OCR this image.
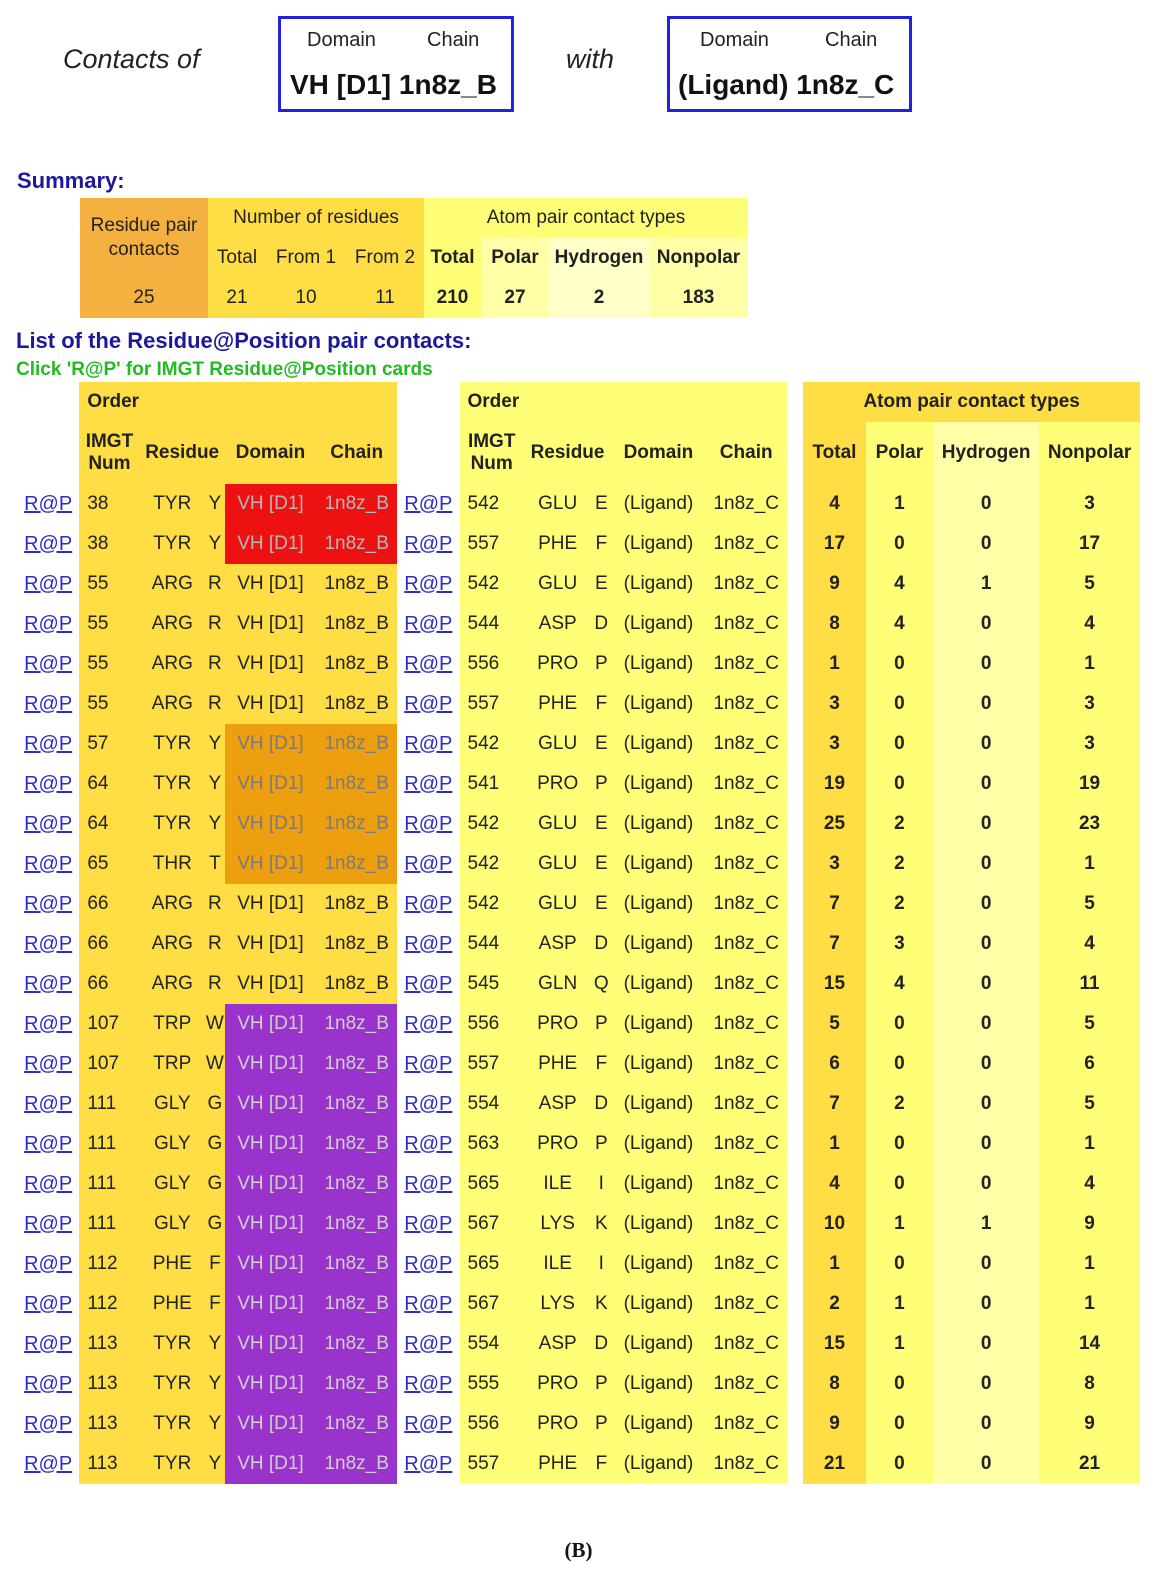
Contacts of
Domain	Chain
VH [D1] 1n8z_B
with
Domain	Chain
(Ligand) 1n8z_C
Summary:
Residue pair contacts	Number of residues			Atom pair contact types			
	Total	From 1	From 2	Total	Polar	Hydrogen	Nonpolar
25	21	10	11	210	27	2	183
List of the Residue@Position pair contacts:
Click 'R@P' for IMGT Residue@Position cards
	Order						Order						Atom pair contact types			
	IMGT Num	Residue		Domain	Chain		IMGT Num	Residue		Domain	Chain		Total	Polar	Hydrogen	Nonpolar
R@P	38	TYR	Y	VH [D1]	1n8z_B	R@P	542	GLU	E	(Ligand)	1n8z_C		4	1	0	3
R@P	38	TYR	Y	VH [D1]	1n8z_B	R@P	557	PHE	F	(Ligand)	1n8z_C		17	0	0	17
R@P	55	ARG	R	VH [D1]	1n8z_B	R@P	542	GLU	E	(Ligand)	1n8z_C		9	4	1	5
R@P	55	ARG	R	VH [D1]	1n8z_B	R@P	544	ASP	D	(Ligand)	1n8z_C		8	4	0	4
R@P	55	ARG	R	VH [D1]	1n8z_B	R@P	556	PRO	P	(Ligand)	1n8z_C		1	0	0	1
R@P	55	ARG	R	VH [D1]	1n8z_B	R@P	557	PHE	F	(Ligand)	1n8z_C		3	0	0	3
R@P	57	TYR	Y	VH [D1]	1n8z_B	R@P	542	GLU	E	(Ligand)	1n8z_C		3	0	0	3
R@P	64	TYR	Y	VH [D1]	1n8z_B	R@P	541	PRO	P	(Ligand)	1n8z_C		19	0	0	19
R@P	64	TYR	Y	VH [D1]	1n8z_B	R@P	542	GLU	E	(Ligand)	1n8z_C		25	2	0	23
R@P	65	THR	T	VH [D1]	1n8z_B	R@P	542	GLU	E	(Ligand)	1n8z_C		3	2	0	1
R@P	66	ARG	R	VH [D1]	1n8z_B	R@P	542	GLU	E	(Ligand)	1n8z_C		7	2	0	5
R@P	66	ARG	R	VH [D1]	1n8z_B	R@P	544	ASP	D	(Ligand)	1n8z_C		7	3	0	4
R@P	66	ARG	R	VH [D1]	1n8z_B	R@P	545	GLN	Q	(Ligand)	1n8z_C		15	4	0	11
R@P	107	TRP	W	VH [D1]	1n8z_B	R@P	556	PRO	P	(Ligand)	1n8z_C		5	0	0	5
R@P	107	TRP	W	VH [D1]	1n8z_B	R@P	557	PHE	F	(Ligand)	1n8z_C		6	0	0	6
R@P	111	GLY	G	VH [D1]	1n8z_B	R@P	554	ASP	D	(Ligand)	1n8z_C		7	2	0	5
R@P	111	GLY	G	VH [D1]	1n8z_B	R@P	563	PRO	P	(Ligand)	1n8z_C		1	0	0	1
R@P	111	GLY	G	VH [D1]	1n8z_B	R@P	565	ILE	I	(Ligand)	1n8z_C		4	0	0	4
R@P	111	GLY	G	VH [D1]	1n8z_B	R@P	567	LYS	K	(Ligand)	1n8z_C		10	1	1	9
R@P	112	PHE	F	VH [D1]	1n8z_B	R@P	565	ILE	I	(Ligand)	1n8z_C		1	0	0	1
R@P	112	PHE	F	VH [D1]	1n8z_B	R@P	567	LYS	K	(Ligand)	1n8z_C		2	1	0	1
R@P	113	TYR	Y	VH [D1]	1n8z_B	R@P	554	ASP	D	(Ligand)	1n8z_C		15	1	0	14
R@P	113	TYR	Y	VH [D1]	1n8z_B	R@P	555	PRO	P	(Ligand)	1n8z_C		8	0	0	8
R@P	113	TYR	Y	VH [D1]	1n8z_B	R@P	556	PRO	P	(Ligand)	1n8z_C		9	0	0	9
R@P	113	TYR	Y	VH [D1]	1n8z_B	R@P	557	PHE	F	(Ligand)	1n8z_C		21	0	0	21
(B)
